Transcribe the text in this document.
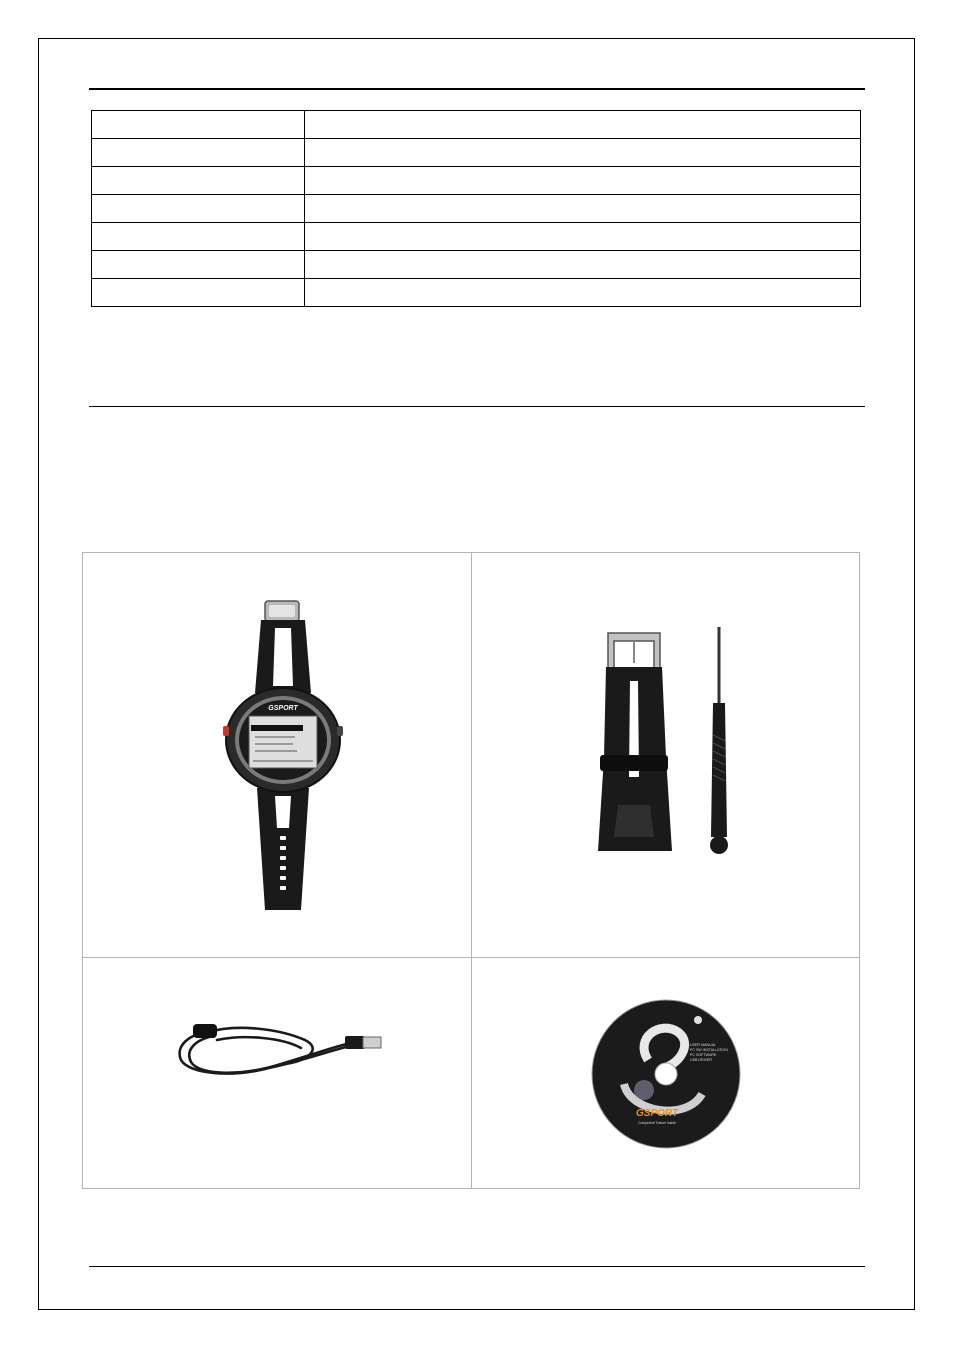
GSPORT
USER MANUAL
PC SW INSTALLATION
PC SOFTWARE
USB DRIVER
GSPORT
Competent Trainer Inside
